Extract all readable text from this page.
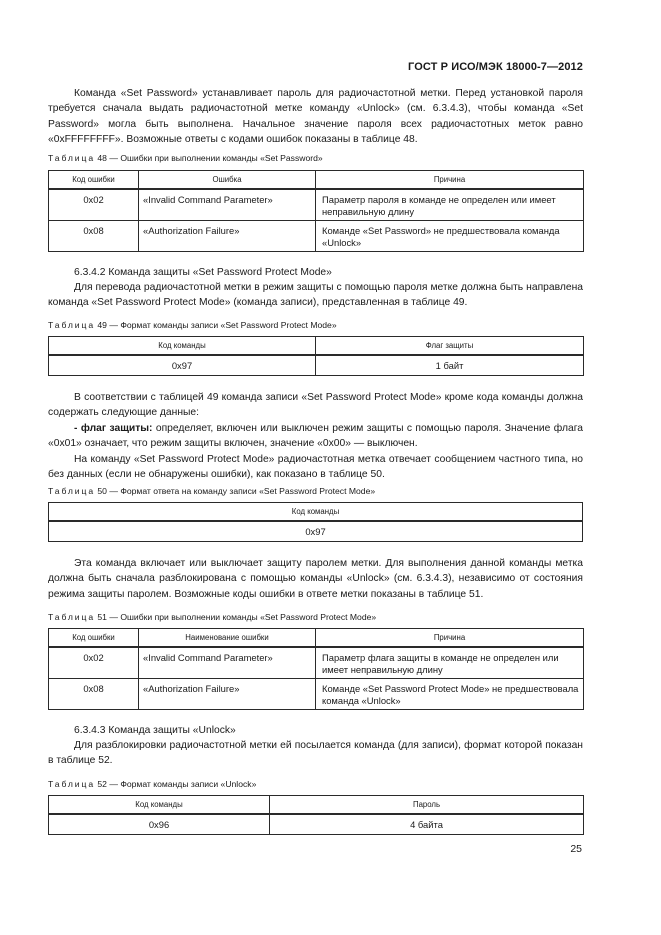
ГОСТ Р ИСО/МЭК 18000-7—2012

Команда «Set Password» устанавливает пароль для радиочастотной метки. Перед установкой пароля требуется сначала выдать радиочастотной метке команду «Unlock» (см. 6.3.4.3), чтобы команда «Set Password» могла быть выполнена. Начальное значение пароля всех радиочастотных меток равно «0xFFFFFFFF». Возможные ответы с кодами ошибок показаны в таблице 48.

Таблица 48 — Ошибки при выполнении команды «Set Password»
Код ошибки	Ошибка	Причина
0x02	«Invalid Command Parameter»	Параметр пароля в команде не определен или имеет неправильную длину
0x08	«Authorization Failure»	Команде «Set Password» не предшествовала команда «Unlock»
6.3.4.2 Команда защиты «Set Password Protect Mode»

Для перевода радиочастотной метки в режим защиты с помощью пароля метке должна быть направлена команда «Set Password Protect Mode» (команда записи), представленная в таблице 49.

Таблица 49 — Формат команды записи «Set Password Protect Mode»
Код команды	Флаг защиты
0x97	1 байт

В соответствии с таблицей 49 команда записи «Set Password Protect Mode» кроме кода команды должна содержать следующие данные:

- флаг защиты: определяет, включен или выключен режим защиты с помощью пароля. Значение флага «0x01» означает, что режим защиты включен, значение «0x00» — выключен.

На команду «Set Password Protect Mode» радиочастотная метка отвечает сообщением частного типа, но без данных (если не обнаружены ошибки), как показано в таблице 50.

Таблица 50 — Формат ответа на команду записи «Set Password Protect Mode»
Код команды
0x97

Эта команда включает или выключает защиту паролем метки. Для выполнения данной команды метка должна быть сначала разблокирована с помощью команды «Unlock» (см. 6.3.4.3), независимо от состояния режима защиты паролем. Возможные коды ошибки в ответе метки показаны в таблице 51.

Таблица 51 — Ошибки при выполнении команды «Set Password Protect Mode»
Код ошибки	Наименование ошибки	Причина
0x02	«Invalid Command Parameter»	Параметр флага защиты в команде не определен или имеет неправильную длину
0x08	«Authorization Failure»	Команде «Set Password Protect Mode» не предшествовала команда «Unlock»
6.3.4.3 Команда защиты «Unlock»

Для разблокировки радиочастотной метки ей посылается команда (для записи), формат которой показан в таблице 52.

Таблица 52 — Формат команды записи «Unlock»
Код команды	Пароль
0x96	4 байта
25
